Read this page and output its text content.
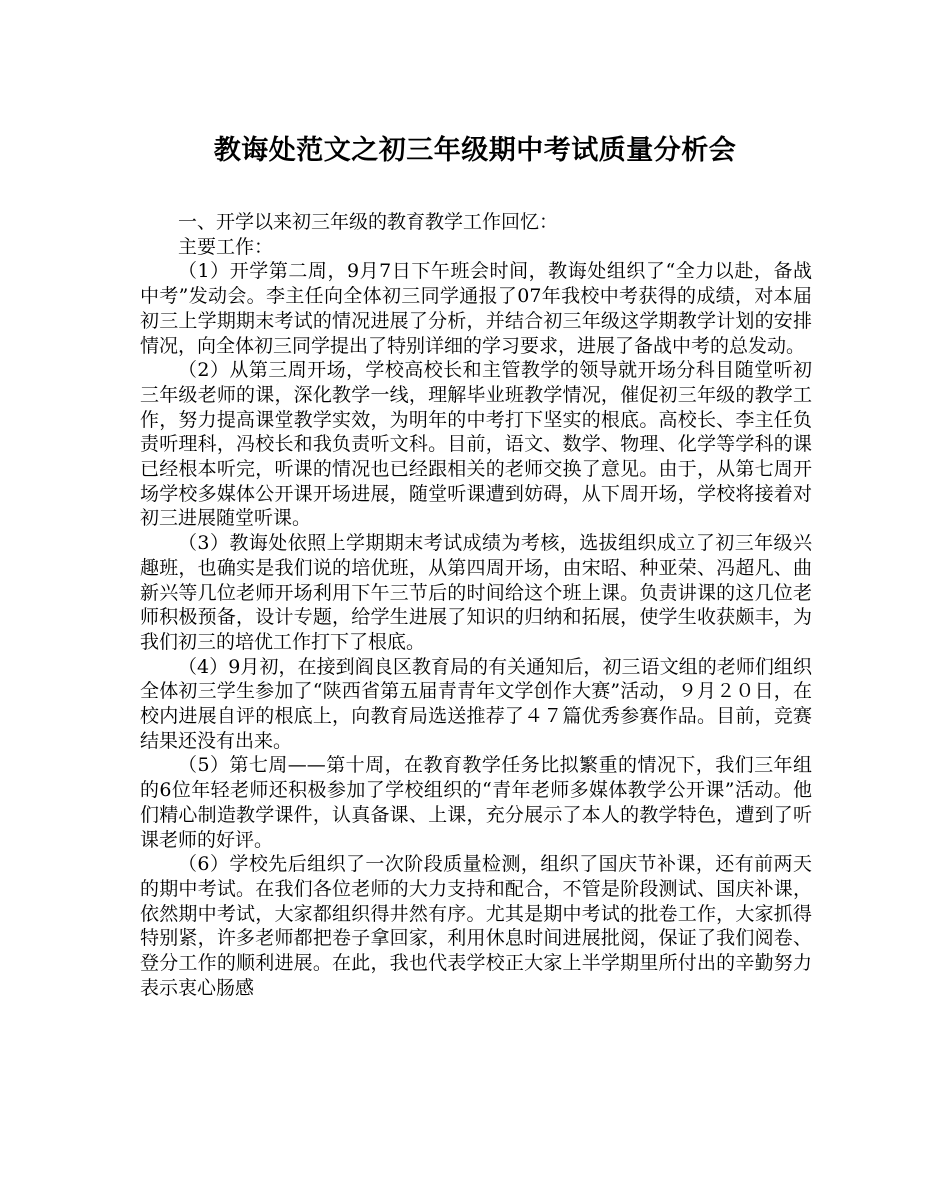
教诲处范文之初三年级期中考试质量分析会

一、开学以来初三年级的教育教学工作回忆：

主要工作：

（1）开学第二周，9月7日下午班会时间，教诲处组织了“全力以赴，备战中考”发动会。李主任向全体初三同学通报了07年我校中考获得的成绩，对本届初三上学期期末考试的情况进展了分析，并结合初三年级这学期教学计划的安排情况，向全体初三同学提出了特别详细的学习要求，进展了备战中考的总发动。

（2）从第三周开场，学校高校长和主管教学的领导就开场分科目随堂听初三年级老师的课，深化教学一线，理解毕业班教学情况，催促初三年级的教学工作，努力提高课堂教学实效，为明年的中考打下坚实的根底。高校长、李主任负责听理科，冯校长和我负责听文科。目前，语文、数学、物理、化学等学科的课已经根本听完，听课的情况也已经跟相关的老师交换了意见。由于，从第七周开场学校多媒体公开课开场进展，随堂听课遭到妨碍，从下周开场，学校将接着对初三进展随堂听课。

（3）教诲处依照上学期期末考试成绩为考核，选拔组织成立了初三年级兴趣班，也确实是我们说的培优班，从第四周开场，由宋昭、种亚荣、冯超凡、曲新兴等几位老师开场利用下午三节后的时间给这个班上课。负责讲课的这几位老师积极预备，设计专题，给学生进展了知识的归纳和拓展，使学生收获颇丰，为我们初三的培优工作打下了根底。

（4）9月初，在接到阎良区教育局的有关通知后，初三语文组的老师们组织全体初三学生参加了“陕西省第五届青青年文学创作大赛”活动，９月２０日，在校内进展自评的根底上，向教育局选送推荐了４７篇优秀参赛作品。目前，竞赛结果还没有出来。

（5）第七周——第十周，在教育教学任务比拟繁重的情况下，我们三年组的6位年轻老师还积极参加了学校组织的“青年老师多媒体教学公开课”活动。他们精心制造教学课件，认真备课、上课，充分展示了本人的教学特色，遭到了听课老师的好评。

（6）学校先后组织了一次阶段质量检测，组织了国庆节补课，还有前两天的期中考试。在我们各位老师的大力支持和配合，不管是阶段测试、国庆补课，依然期中考试，大家都组织得井然有序。尤其是期中考试的批卷工作，大家抓得特别紧，许多老师都把卷子拿回家，利用休息时间进展批阅，保证了我们阅卷、登分工作的顺利进展。在此，我也代表学校正大家上半学期里所付出的辛勤努力表示衷心肠感
